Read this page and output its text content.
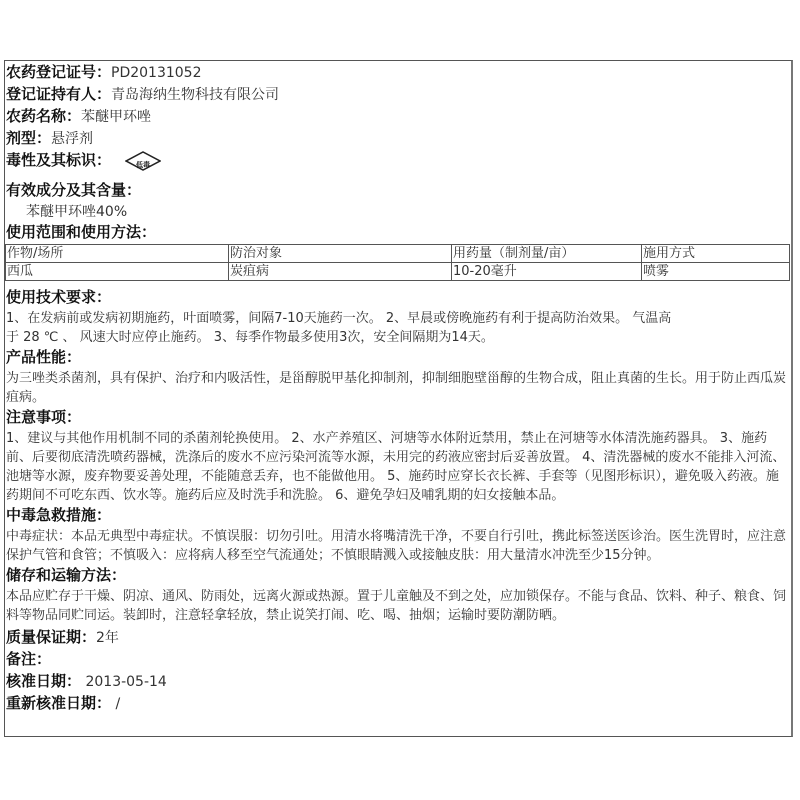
农药登记证号：PD20131052
登记证持有人：青岛海纳生物科技有限公司
农药名称：苯醚甲环唑
剂型：悬浮剂
毒性及其标识：	低毒
有效成分及其含量：
苯醚甲环唑40%
使用范围和使用方法：
作物/场所	防治对象	用药量（制剂量/亩）	施用方式
西瓜	炭疽病	10-20毫升	喷雾
使用技术要求：
1、在发病前或发病初期施药，叶面喷雾，间隔7-10天施药一次。 2、早晨或傍晚施药有利于提高防治效果。 气温高
于 28 ℃ 、 风速大时应停止施药。 3、每季作物最多使用3次，安全间隔期为14天。
产品性能：
为三唑类杀菌剂，具有保护、治疗和内吸活性，是甾醇脱甲基化抑制剂，抑制细胞壁甾醇的生物合成，阻止真菌的生长。用于防止西瓜炭疽病。
注意事项：
1、建议与其他作用机制不同的杀菌剂轮换使用。 2、水产养殖区、河塘等水体附近禁用，禁止在河塘等水体清洗施药器具。 3、施药前、后要彻底清洗喷药器械，洗涤后的废水不应污染河流等水源，未用完的药液应密封后妥善放置。 4、清洗器械的废水不能排入河流、池塘等水源，废弃物要妥善处理，不能随意丢弃，也不能做他用。 5、施药时应穿长衣长裤、手套等（见图形标识），避免吸入药液。施药期间不可吃东西、饮水等。施药后应及时洗手和洗脸。 6、避免孕妇及哺乳期的妇女接触本品。
中毒急救措施：
中毒症状：本品无典型中毒症状。不慎误服：切勿引吐。用清水将嘴清洗干净，不要自行引吐，携此标签送医诊治。医生洗胃时，应注意保护气管和食管；不慎吸入：应将病人移至空气流通处；不慎眼睛溅入或接触皮肤：用大量清水冲洗至少15分钟。
储存和运输方法：
本品应贮存于干燥、阴凉、通风、防雨处，远离火源或热源。置于儿童触及不到之处，应加锁保存。不能与食品、饮料、种子、粮食、饲料等物品同贮同运。装卸时，注意轻拿轻放，禁止说笑打闹、吃、喝、抽烟；运输时要防潮防晒。
质量保证期：2年
备注：
核准日期： 2013-05-14
重新核准日期： /
